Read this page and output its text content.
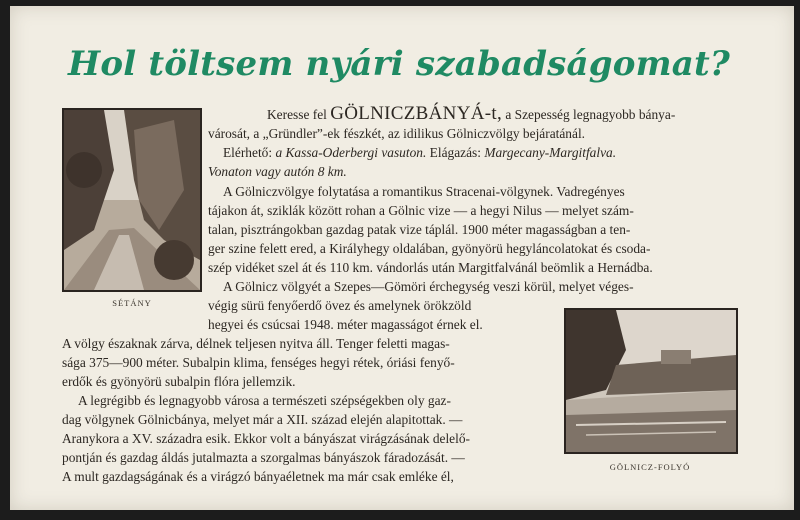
Hol töltsem nyári szabadságomat?
SÉTÁNY
GÖLNICZ-FOLYÓ
Keresse fel GÖLNICZBÁNYÁ-t, a Szepesség legnagyobb bánya-
városát, a „Gründler”-ek fészkét, az idilikus Gölniczvölgy bejáratánál.
Elérhető: a Kassa-Oderbergi vasuton. Elágazás: Margecany-Margitfalva.
Vonaton vagy autón 8 km.
A Gölniczvölgye folytatása a romantikus Stracenai-völgynek. Vadregényes
tájakon át, sziklák között rohan a Gölnic vize — a hegyi Nilus — melyet szám-
talan, pisztrángokban gazdag patak vize táplál. 1900 méter magasságban a ten-
ger szine felett ered, a Királyhegy oldalában, gyönyörü hegyláncolatokat és csoda-
szép vidéket szel át és 110 km. vándorlás után Margitfalvánál beömlik a Hernádba.
A Gölnicz völgyét a Szepes—Gömöri érchegység veszi körül, melyet véges-
végig sürü fenyőerdő övez és amelynek örökzöld
hegyei és csúcsai 1948. méter magasságot érnek el.
A völgy északnak zárva, délnek teljesen nyitva áll. Tenger feletti magas-
sága 375—900 méter. Subalpin klima, fenséges hegyi rétek, óriási fenyő-
erdők és gyönyörü subalpin flóra jellemzik.
A legrégibb és legnagyobb városa a természeti szépségekben oly gaz-
dag völgynek Gölnicbánya, melyet már a XII. század elején alapitottak. —
Aranykora a XV. századra esik. Ekkor volt a bányászat virágzásának delelő-
pontján és gazdag áldás jutalmazta a szorgalmas bányászok fáradozását. —
A mult gazdagságának és a virágzó bányaéletnek ma már csak emléke él,
